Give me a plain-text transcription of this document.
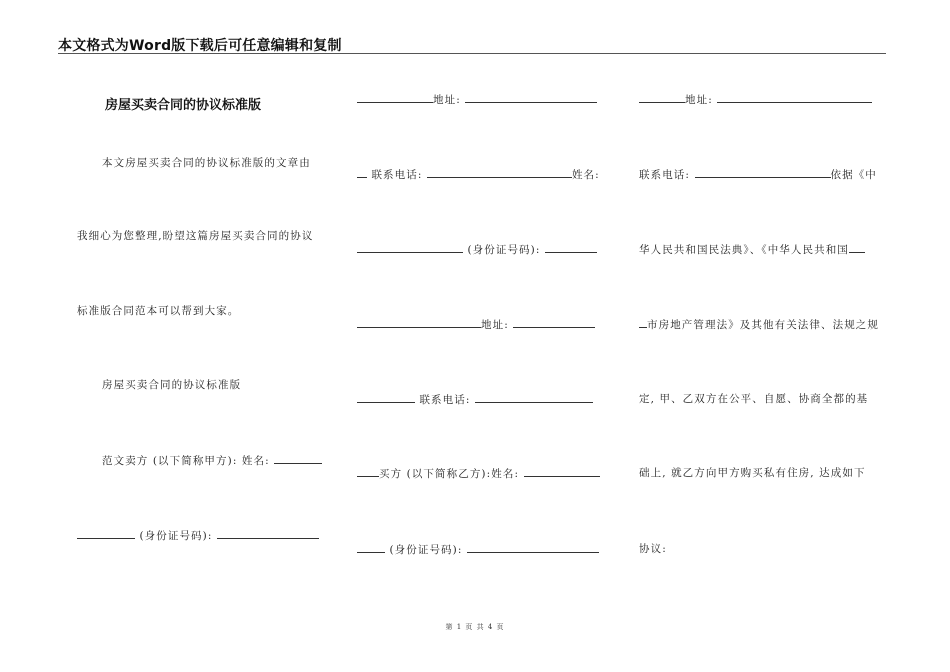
本文格式为Word版下载后可任意编辑和复制
房屋买卖合同的协议标准版
本文房屋买卖合同的协议标准版的文章由
我细心为您整理,盼望这篇房屋买卖合同的协议
标准版合同范本可以帮到大家。
房屋买卖合同的协议标准版
范文卖方 (以下简称甲方): 姓名:
(身份证号码):
地址:
联系电话:	姓名:
(身份证号码):
地址:
联系电话:
买方 (以下简称乙方):姓名:
(身份证号码):
地址:
联系电话:	依据《中
华人民共和国民法典》、《中华人民共和国
市房地产管理法》及其他有关法律、法规之规
定, 甲、乙双方在公平、自愿、协商全都的基
础上, 就乙方向甲方购买私有住房, 达成如下
协议:
第 1 页 共 4 页
